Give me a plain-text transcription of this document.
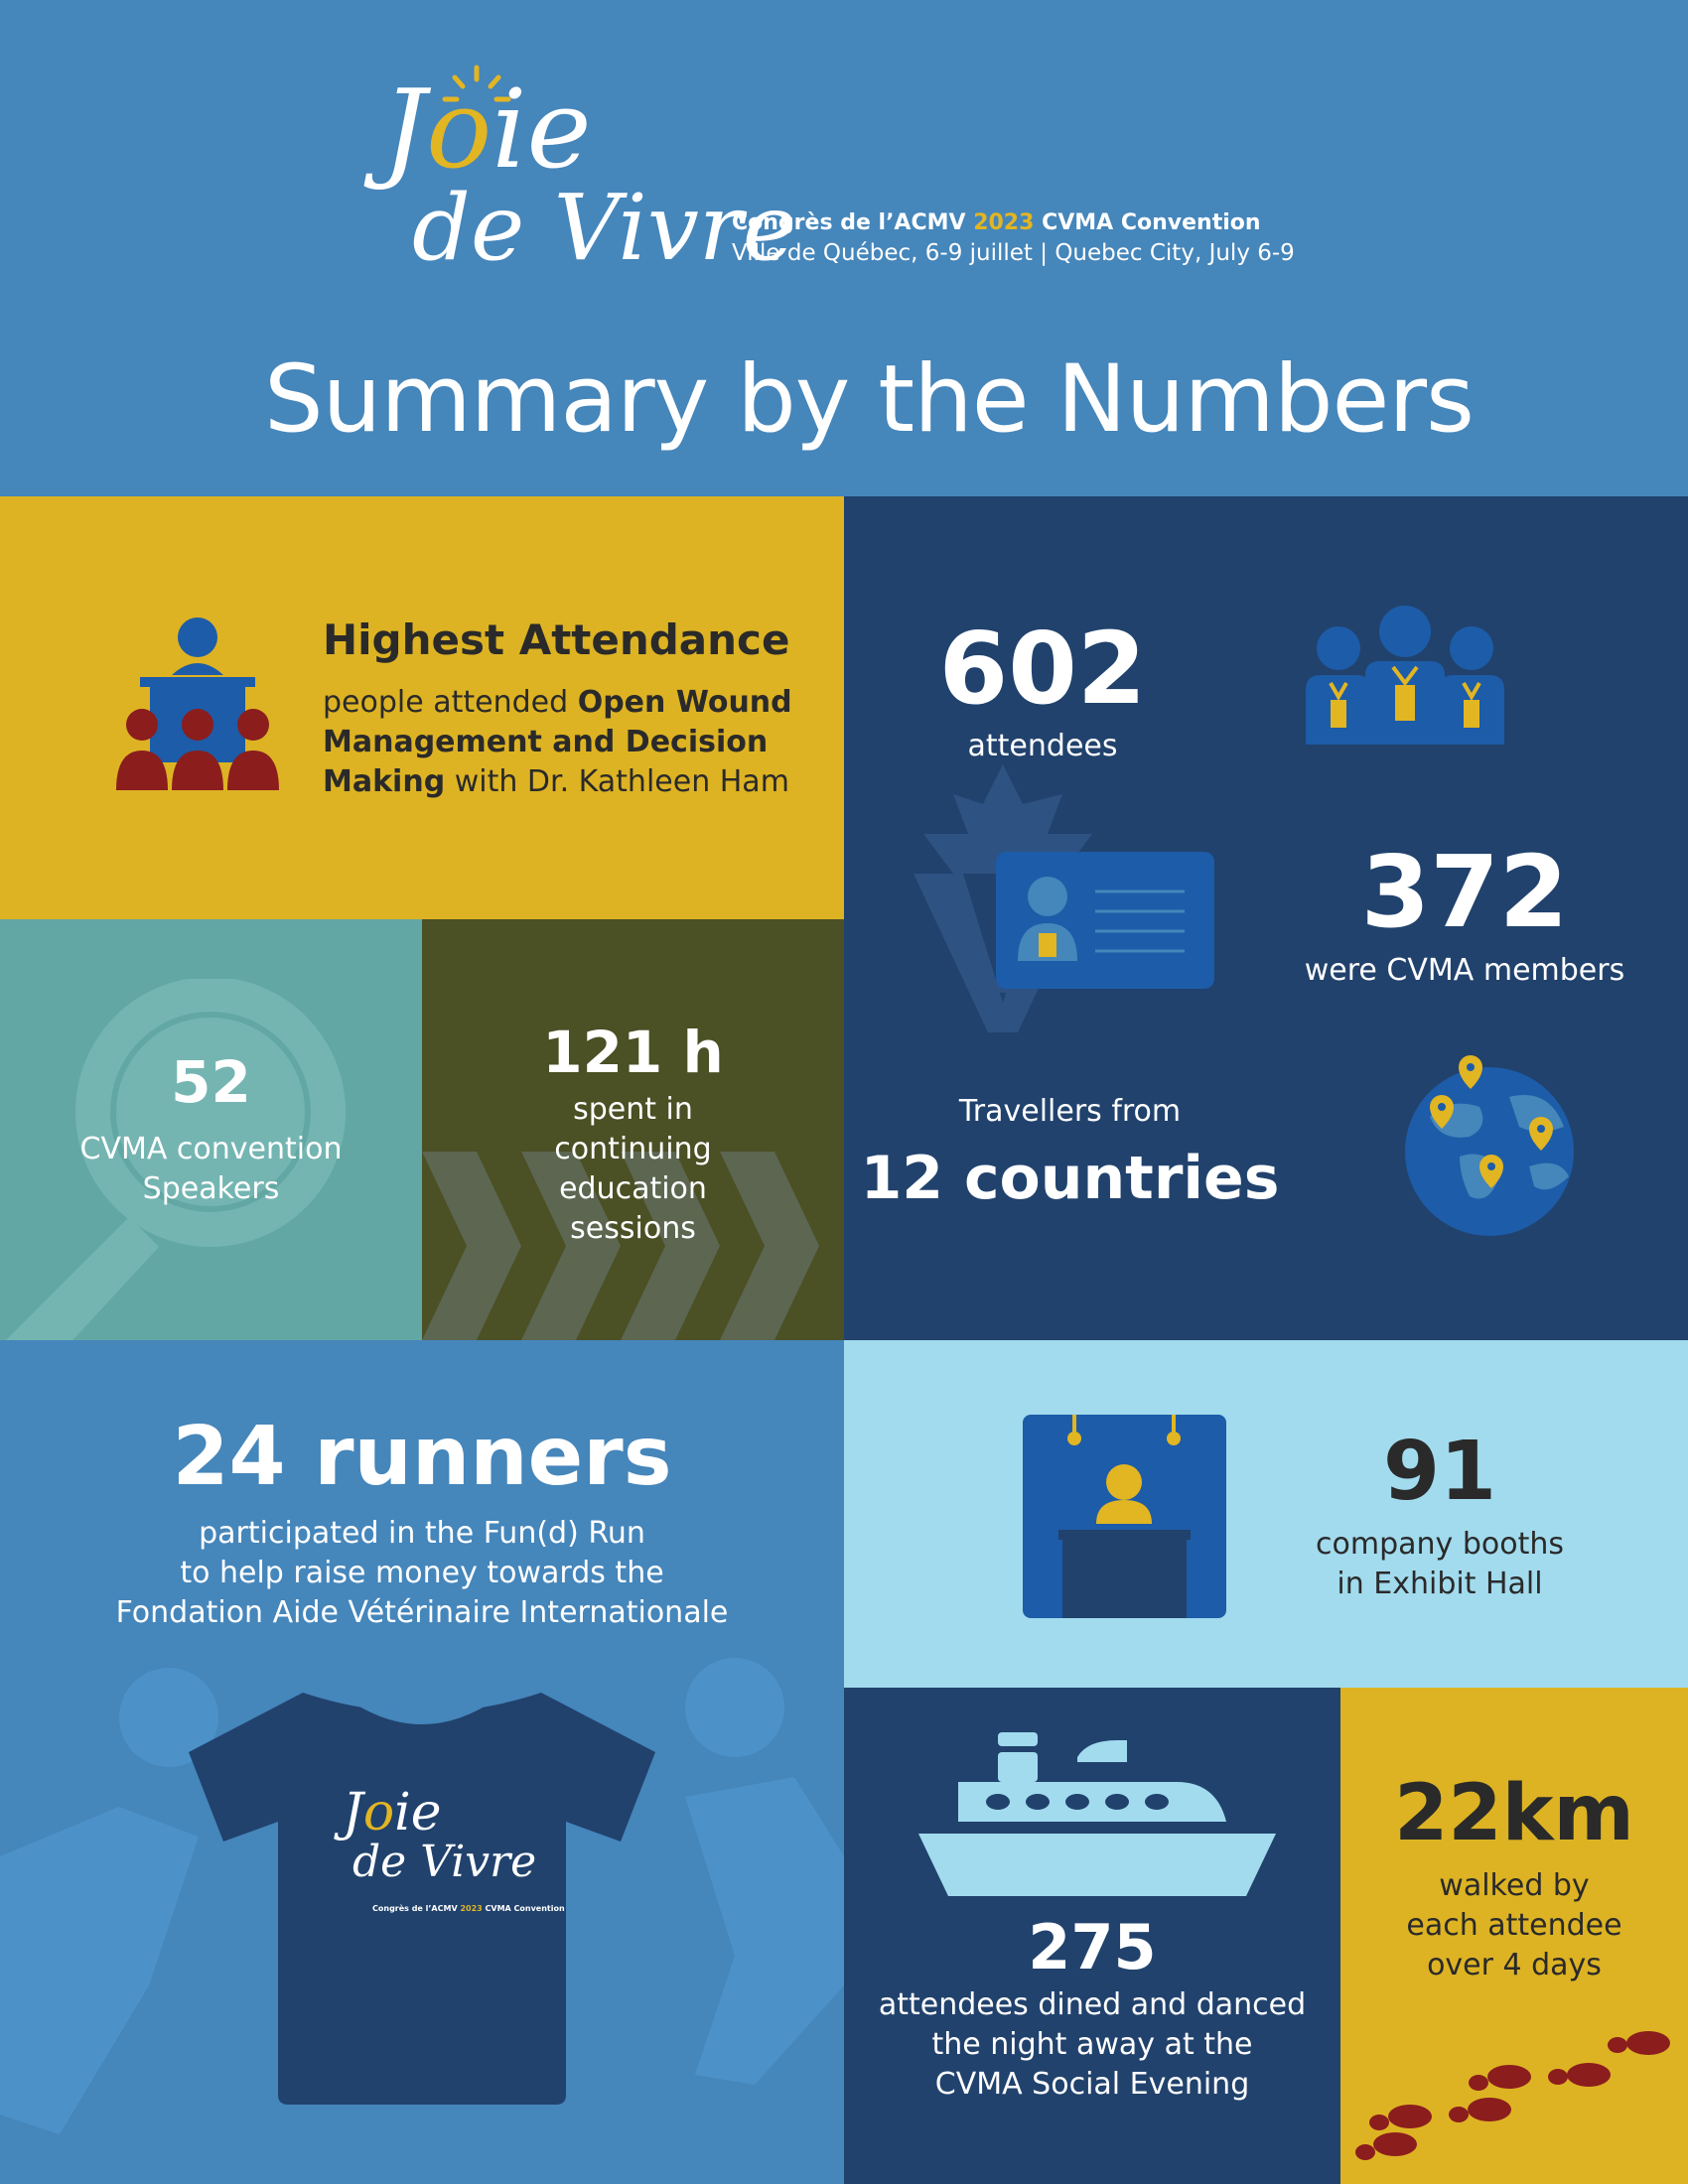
Joie
de Vivre
Congrès de l’ACMV 2023 CVMA Convention
Ville de Québec, 6-9 juillet | Quebec City, July 6-9
Summary by the Numbers
Highest Attendance
people attended Open Wound
Management and Decision
Making with Dr. Kathleen Ham
52
CVMA convention
Speakers
121 h
spent in
continuing
education
sessions
602
attendees
372
were CVMA members
Travellers from
12 countries
24 runners
participated in the Fun(d) Run
to help raise money towards the
Fondation Aide Vétérinaire Internationale
Joie
de Vivre
Congrès de l’ACMV 2023 CVMA Convention
91
company booths
in Exhibit Hall
275
attendees dined and danced
the night away at the
CVMA Social Evening
22km
walked by
each attendee
over 4 days
